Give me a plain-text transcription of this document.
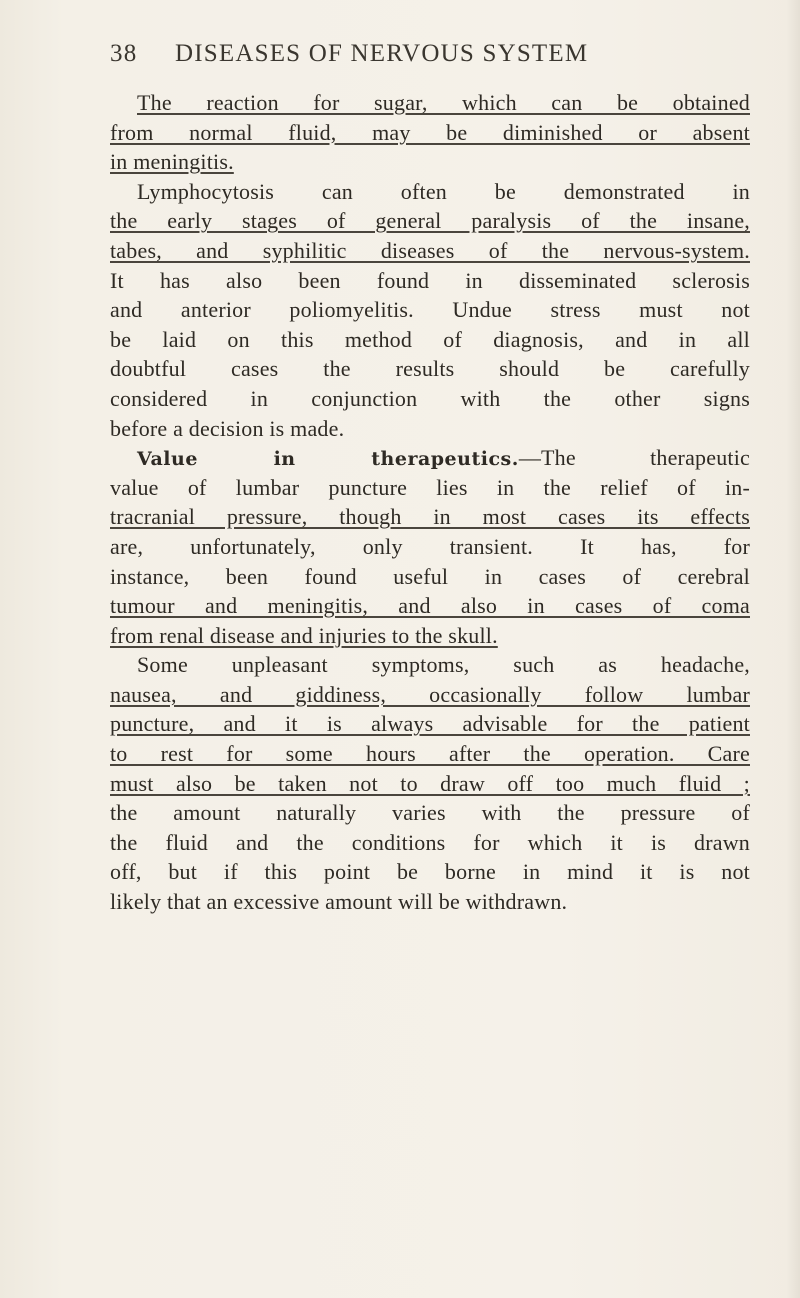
38 DISEASES OF NERVOUS SYSTEM
The reaction for sugar, which can be obtained
from normal fluid, may be diminished or absent
in meningitis.
Lymphocytosis can often be demonstrated in
the early stages of general paralysis of the insane,
tabes, and syphilitic diseases of the nervous-system.
It has also been found in disseminated sclerosis
and anterior poliomyelitis. Undue stress must not
be laid on this method of diagnosis, and in all
doubtful cases the results should be carefully
considered in conjunction with the other signs
before a decision is made.
Value in therapeutics.—The therapeutic
value of lumbar puncture lies in the relief of in-
tracranial pressure, though in most cases its effects
are, unfortunately, only transient. It has, for
instance, been found useful in cases of cerebral
tumour and meningitis, and also in cases of coma
from renal disease and injuries to the skull.
Some unpleasant symptoms, such as headache,
nausea, and giddiness, occasionally follow lumbar
puncture, and it is always advisable for the patient
to rest for some hours after the operation. Care
must also be taken not to draw off too much fluid ;
the amount naturally varies with the pressure of
the fluid and the conditions for which it is drawn
off, but if this point be borne in mind it is not
likely that an excessive amount will be withdrawn.
